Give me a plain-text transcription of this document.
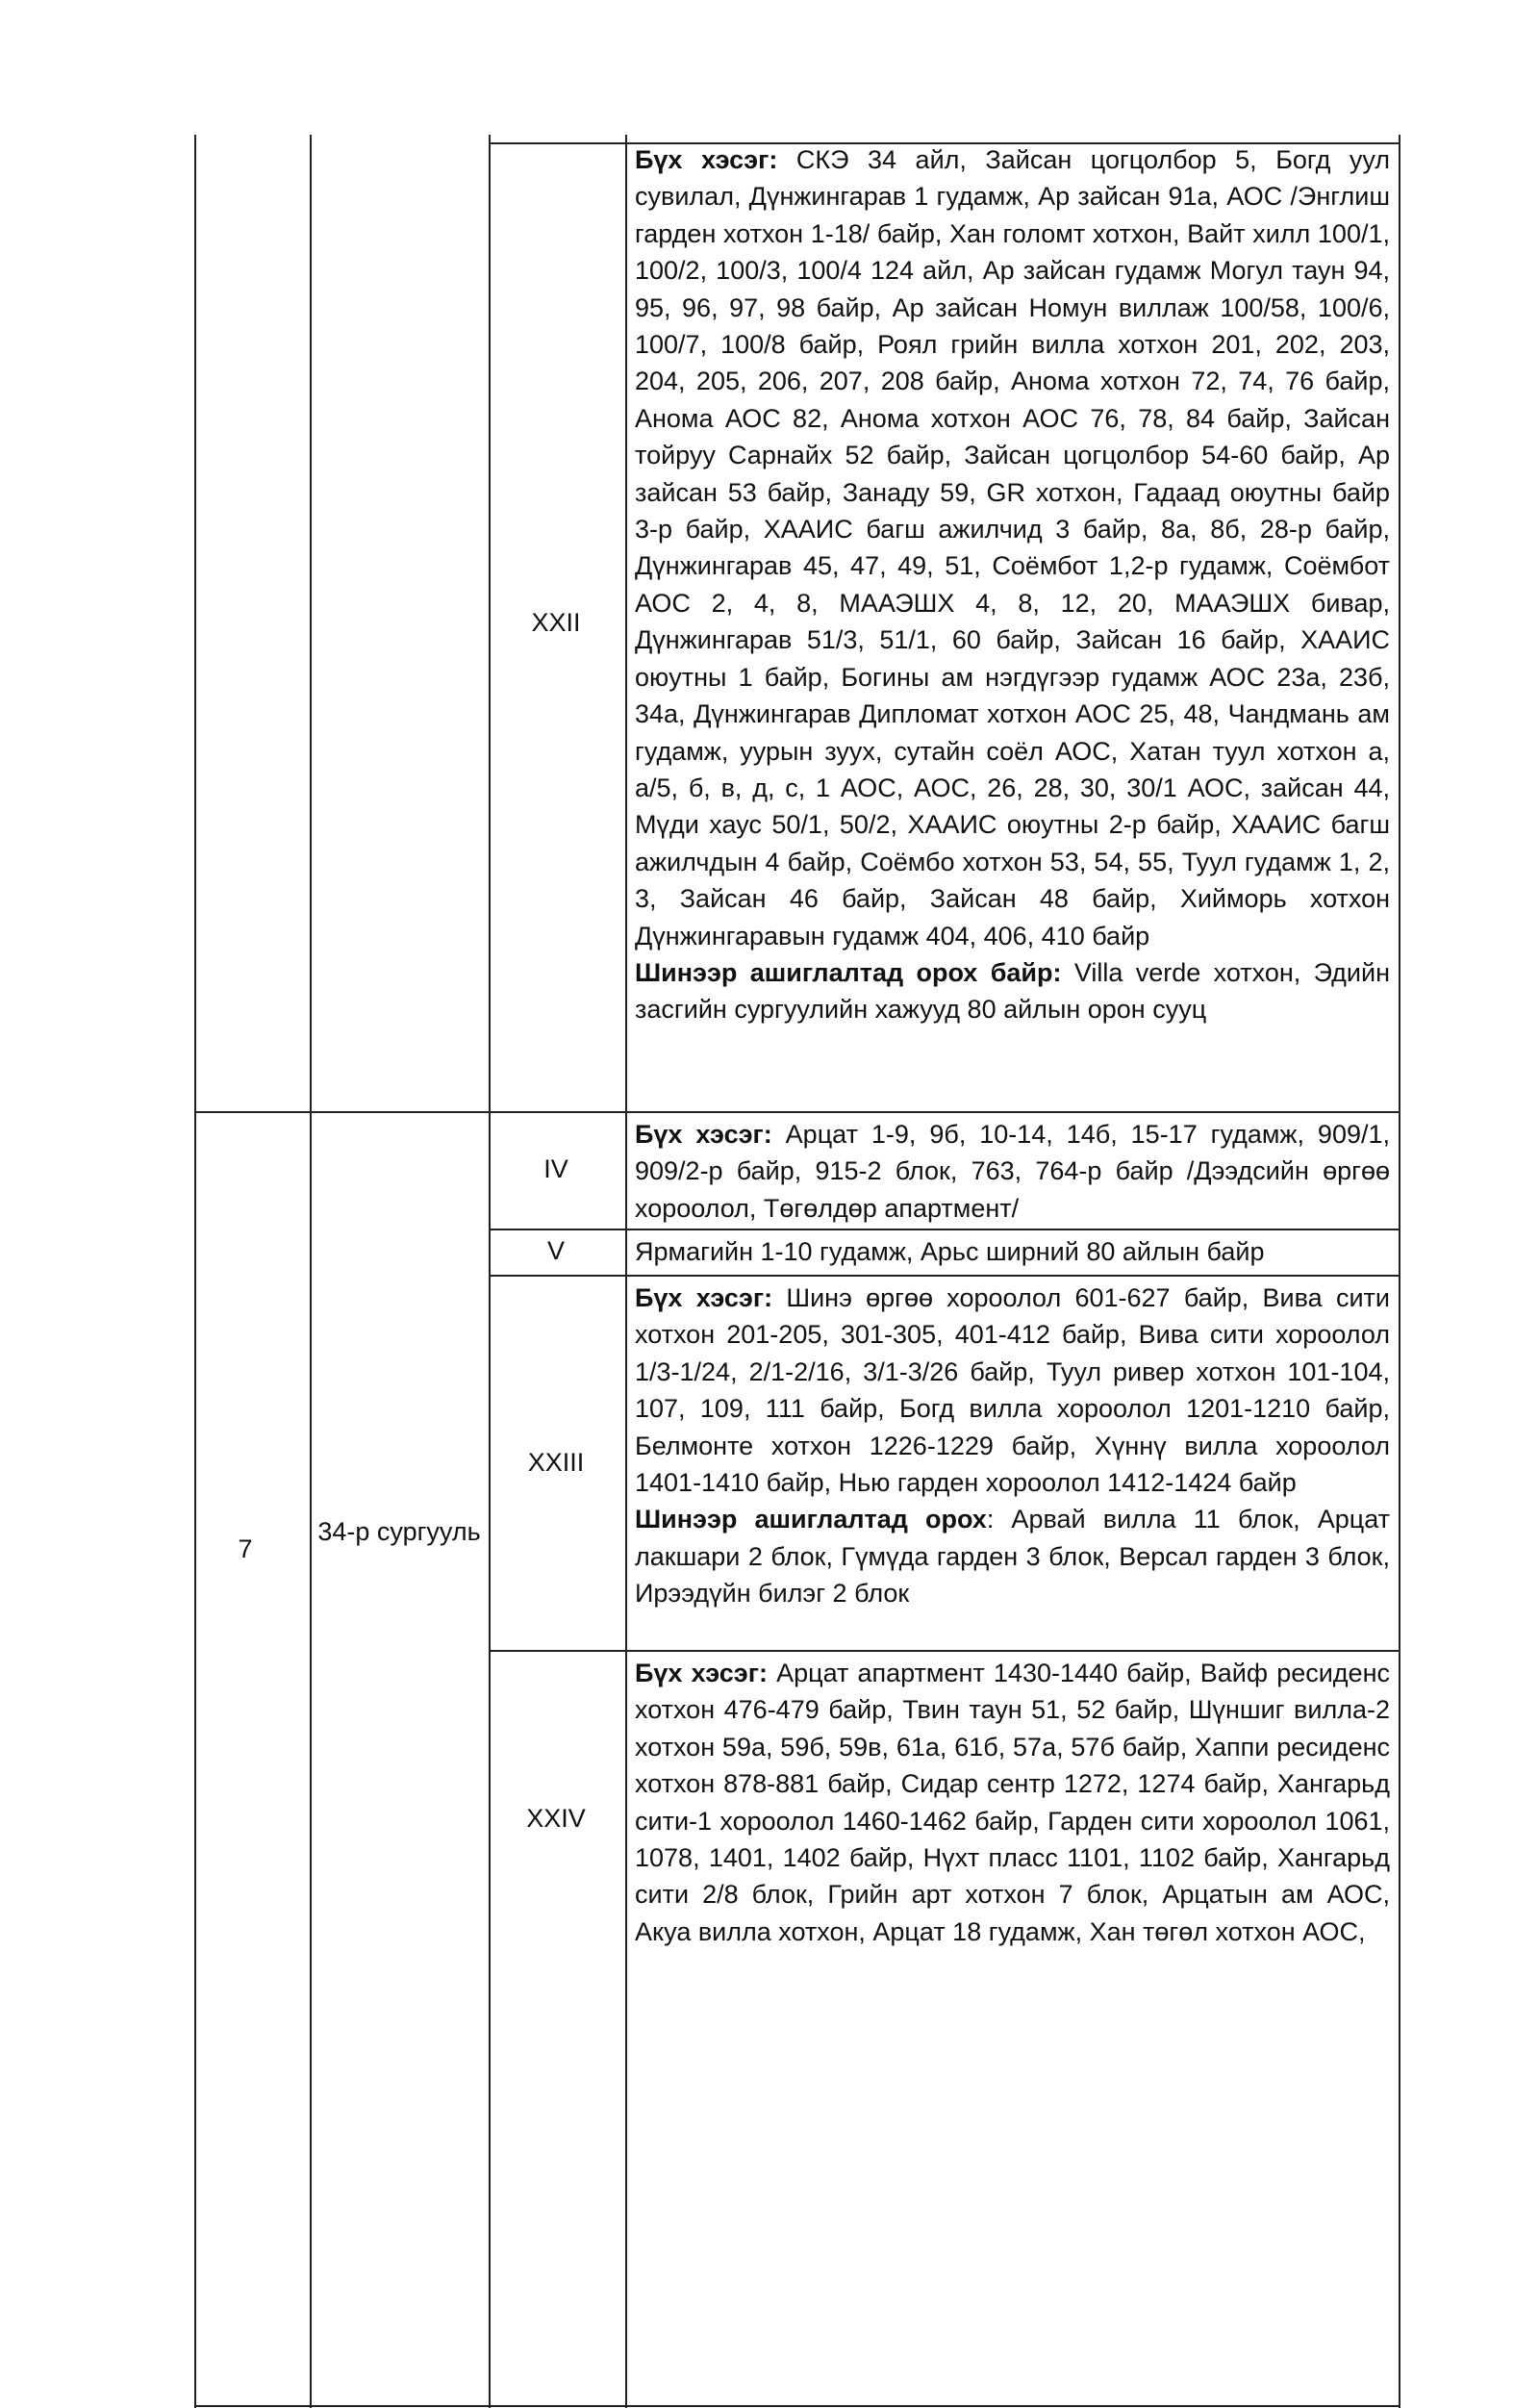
7
34-р сургууль
XXII
IV
V
XXIII
XXIV

Бүх хэсэг: СКЭ 34 айл, Зайсан цогцолбор 5, Богд уул сувилал, Дүнжингарав 1 гудамж, Ар зайсан 91а, АОС /Энглиш гарден хотхон 1-18/ байр, Хан голомт хотхон, Вайт хилл 100/1, 100/2, 100/3, 100/4 124 айл, Ар зайсан гудамж Могул таун 94, 95, 96, 97, 98 байр, Ар зайсан Номун виллаж 100/58, 100/6, 100/7, 100/8 байр, Роял грийн вилла хотхон 201, 202, 203, 204, 205, 206, 207, 208 байр, Анома хотхон 72, 74, 76 байр, Анома АОС 82, Анома хотхон АОС 76, 78, 84 байр, Зайсан тойруу Сарнайх 52 байр, Зайсан цогцолбор 54-60 байр, Ар зайсан 53 байр, Занаду 59, GR хотхон, Гадаад оюутны байр 3-р байр, ХААИС багш ажилчид 3 байр, 8а, 8б, 28-р байр, Дүнжингарав 45, 47, 49, 51, Соёмбот 1,2-р гудамж, Соёмбот АОС 2, 4, 8, МААЭШХ 4, 8, 12, 20, МААЭШХ бивар, Дүнжингарав 51/3, 51/1, 60 байр, Зайсан 16 байр, ХААИС оюутны 1 байр, Богины ам нэгдүгээр гудамж АОС 23а, 23б, 34а, Дүнжингарав Дипломат хотхон АОС 25, 48, Чандмань ам гудамж, уурын зуух, сутайн соёл АОС, Хатан туул хотхон а, а/5, б, в, д, с, 1 АОС, АОС, 26, 28, 30, 30/1 АОС, зайсан 44, Мүди хаус 50/1, 50/2, ХААИС оюутны 2-р байр, ХААИС багш ажилчдын 4 байр, Соёмбо хотхон 53, 54, 55, Туул гудамж 1, 2, 3, Зайсан 46 байр, Зайсан 48 байр, Хийморь хотхон Дүнжингаравын гудамж 404, 406, 410 байр

Шинээр ашиглалтад орох байр: Villa verde хотхон, Эдийн засгийн сургуулийн хажууд 80 айлын орон сууц

Бүх хэсэг: Арцат 1-9, 9б, 10-14, 14б, 15-17 гудамж, 909/1, 909/2-р байр, 915-2 блок, 763, 764-р байр /Дээдсийн өргөө хороолол, Төгөлдөр апартмент/

Ярмагийн 1-10 гудамж, Арьс ширний 80 айлын байр

Бүх хэсэг: Шинэ өргөө хороолол 601-627 байр, Вива сити хотхон 201-205, 301-305, 401-412 байр, Вива сити хороолол 1/3-1/24, 2/1-2/16, 3/1-3/26 байр, Туул ривер хотхон 101-104, 107, 109, 111 байр, Богд вилла хороолол 1201-1210 байр, Белмонте хотхон 1226-1229 байр, Хүннү вилла хороолол 1401-1410 байр, Нью гарден хороолол 1412-1424 байр

Шинээр ашиглалтад орох: Арвай вилла 11 блок, Арцат лакшари 2 блок, Гүмүда гарден 3 блок, Версал гарден 3 блок, Ирээдүйн билэг 2 блок

Бүх хэсэг: Арцат апартмент 1430-1440 байр, Вайф ресиденс хотхон 476-479 байр, Твин таун 51, 52 байр, Шүншиг вилла-2 хотхон 59а, 59б, 59в, 61а, 61б, 57а, 57б байр, Хаппи ресиденс хотхон 878-881 байр, Сидар сентр 1272, 1274 байр, Хангарьд сити-1 хороолол 1460-1462 байр, Гарден сити хороолол 1061, 1078, 1401, 1402 байр, Нүхт пласс 1101, 1102 байр, Хангарьд сити 2/8 блок, Грийн арт хотхон 7 блок, Арцатын ам АОС, Акуа вилла хотхон, Арцат 18 гудамж, Хан төгөл хотхон АОС,
